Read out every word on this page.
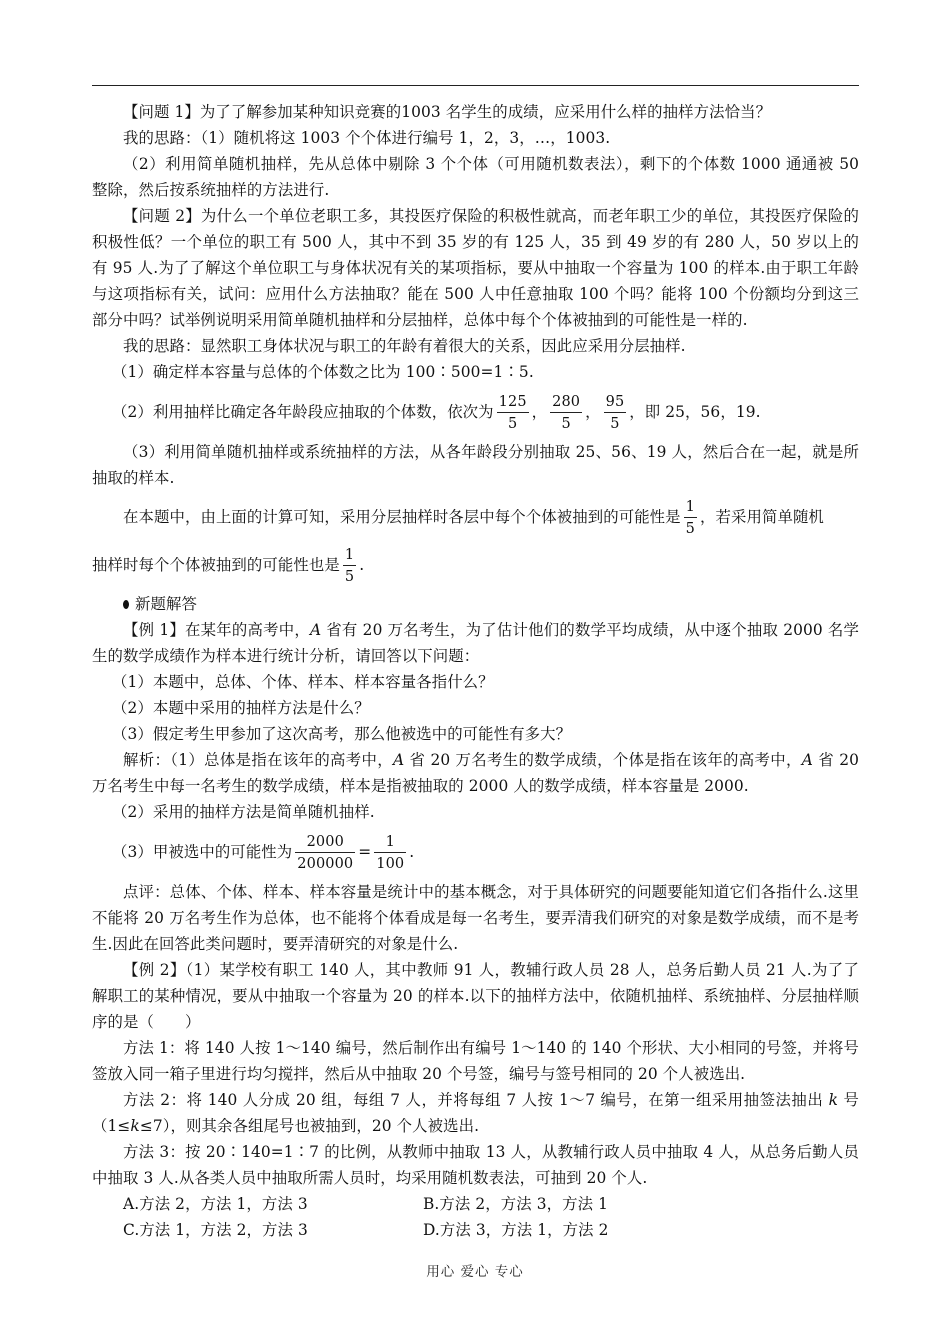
【问题 1】为了了解参加某种知识竞赛的1003 名学生的成绩，应采用什么样的抽样方法恰当？

我的思路：（1）随机将这 1003 个个体进行编号 1，2，3，…，1003.

（2）利用简单随机抽样，先从总体中剔除 3 个个体（可用随机数表法），剩下的个体数 1000 通通被 50 整除，然后按系统抽样的方法进行.

【问题 2】为什么一个单位老职工多，其投医疗保险的积极性就高，而老年职工少的单位，其投医疗保险的积极性低？一个单位的职工有 500 人，其中不到 35 岁的有 125 人，35 到 49 岁的有 280 人，50 岁以上的有 95 人.为了了解这个单位职工与身体状况有关的某项指标，要从中抽取一个容量为 100 的样本.由于职工年龄与这项指标有关，试问：应用什么方法抽取？能在 500 人中任意抽取 100 个吗？能将 100 个份额均分到这三部分中吗？试举例说明采用简单随机抽样和分层抽样，总体中每个个体被抽到的可能性是一样的.

我的思路：显然职工身体状况与职工的年龄有着很大的关系，因此应采用分层抽样.

（1）确定样本容量与总体的个体数之比为 100∶500=1∶5.

（2）利用抽样比确定各年龄段应抽取的个体数，依次为 $\frac{125}{5}$ ， $\frac{280}{5}$ ， $\frac{95}{5}$ ，即 25，56，19.

（3）利用简单随机抽样或系统抽样的方法，从各年龄段分别抽取 25、56、19 人，然后合在一起，就是所抽取的样本.

在本题中，由上面的计算可知，采用分层抽样时各层中每个个体被抽到的可能性是 $\frac{1}{5}$ ，若采用简单随机

抽样时每个个体被抽到的可能性也是 $\frac{1}{5}$ .

新题解答

【例 1】在某年的高考中，A 省有 20 万名考生，为了估计他们的数学平均成绩，从中逐个抽取 2000 名学生的数学成绩作为样本进行统计分析，请回答以下问题：

（1）本题中，总体、个体、样本、样本容量各指什么？

（2）本题中采用的抽样方法是什么？

（3）假定考生甲参加了这次高考，那么他被选中的可能性有多大？

解析：（1）总体是指在该年的高考中，A 省 20 万名考生的数学成绩，个体是指在该年的高考中，A 省 20 万名考生中每一名考生的数学成绩，样本是指被抽取的 2000 人的数学成绩，样本容量是 2000.

（2）采用的抽样方法是简单随机抽样.

（3）甲被选中的可能性为 $\frac{2000}{200000} = \frac{1}{100}$ .

点评：总体、个体、样本、样本容量是统计中的基本概念，对于具体研究的问题要能知道它们各指什么.这里不能将 20 万名考生作为总体，也不能将个体看成是每一名考生，要弄清我们研究的对象是数学成绩，而不是考生.因此在回答此类问题时，要弄清研究的对象是什么.

【例 2】（1）某学校有职工 140 人，其中教师 91 人，教辅行政人员 28 人，总务后勤人员 21 人.为了了解职工的某种情况，要从中抽取一个容量为 20 的样本.以下的抽样方法中，依随机抽样、系统抽样、分层抽样顺序的是（　　）

方法 1：将 140 人按 1～140 编号，然后制作出有编号 1～140 的 140 个形状、大小相同的号签，并将号签放入同一箱子里进行均匀搅拌，然后从中抽取 20 个号签，编号与签号相同的 20 个人被选出.

方法 2：将 140 人分成 20 组，每组 7 人，并将每组 7 人按 1～7 编号，在第一组采用抽签法抽出 k 号（1≤k≤7），则其余各组尾号也被抽到，20 个人被选出.

方法 3：按 20∶140=1∶7 的比例，从教师中抽取 13 人，从教辅行政人员中抽取 4 人，从总务后勤人员中抽取 3 人.从各类人员中抽取所需人员时，均采用随机数表法，可抽到 20 个人.

A.方法 2，方法 1，方法 3	B.方法 2，方法 3，方法 1

C.方法 1，方法 2，方法 3	D.方法 3，方法 1，方法 2

用心 爱心 专心
